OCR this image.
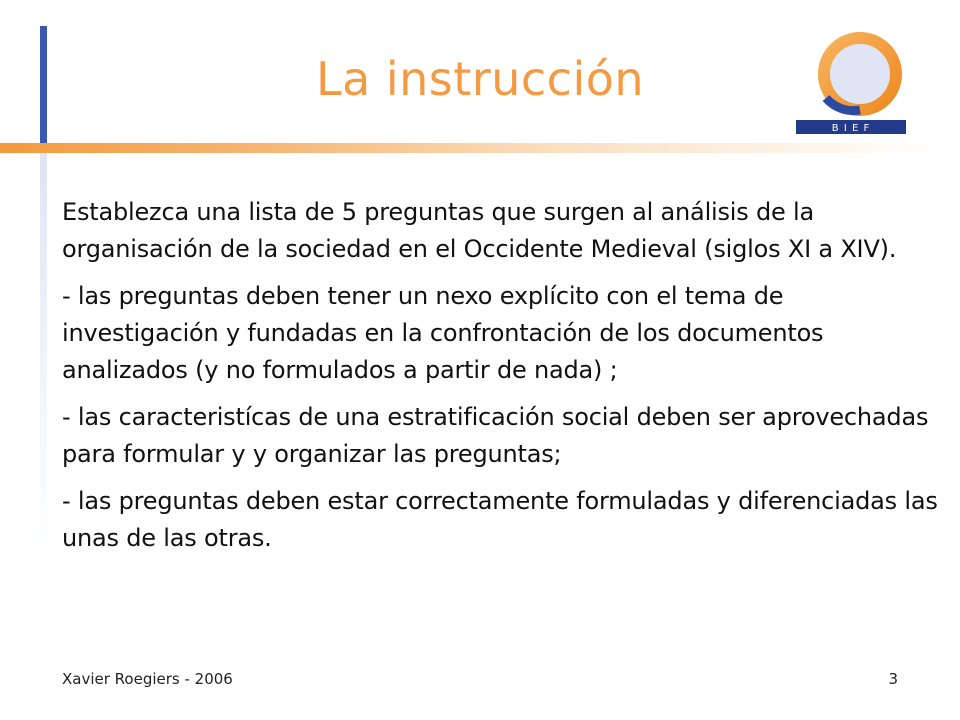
La instrucción
B I E F

Establezca una lista de 5 preguntas que surgen al análisis de la organisación de la sociedad en el Occidente Medieval (siglos XI a XIV).

- las preguntas deben tener un nexo explícito con el tema de investigación y fundadas en la confrontación de los documentos analizados (y no formulados a partir de nada) ;

- las caracteristícas de una estratificación social deben ser aprovechadas para formular y y organizar las preguntas;

- las preguntas deben estar correctamente formuladas y diferenciadas las unas de las otras.

Xavier Roegiers - 2006	3
